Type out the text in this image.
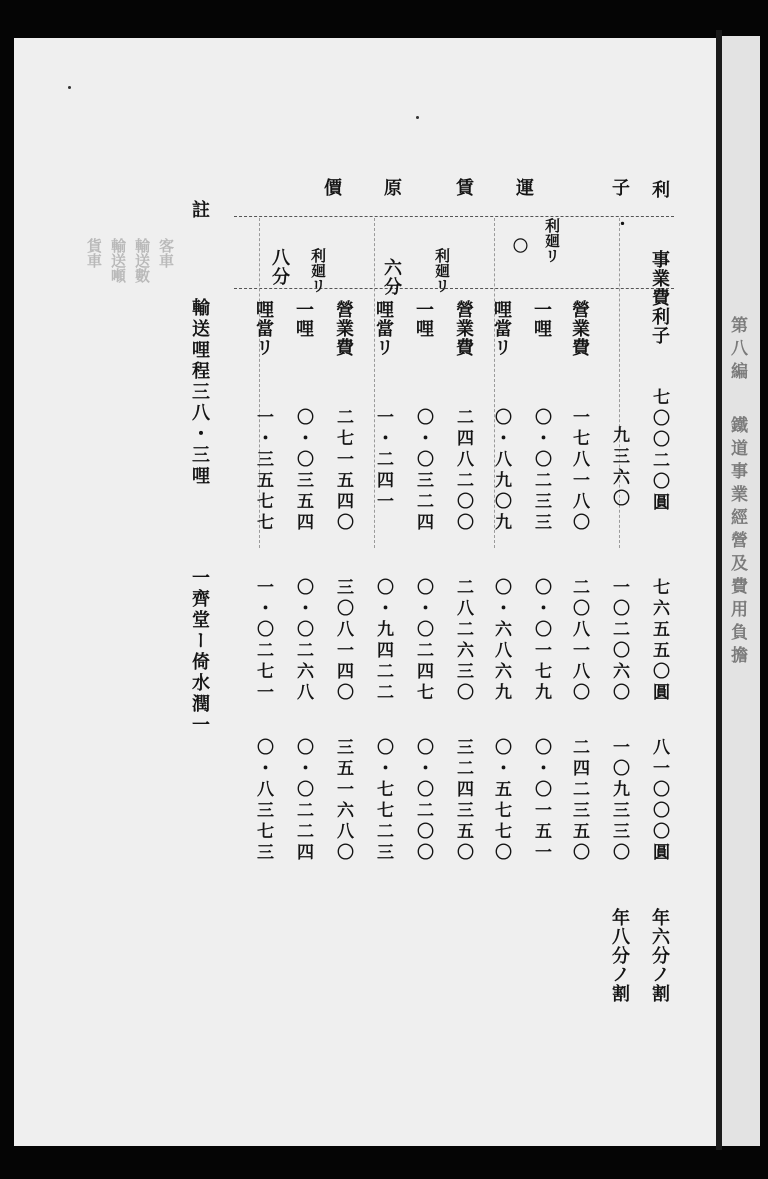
利
子
・
事業費利子
七〇〇二〇圓
七六五五〇圓
八一〇〇〇圓
九三六〇
一〇二〇六〇
一〇九三三〇
年六分ノ割
年八分ノ割
運
利廻リ
〇
營業費
一七八一八〇
二〇八一八〇
二四二三五〇
一哩
〇・〇二三三
〇・〇一七九
〇・〇一五一
哩當リ
〇・八九〇九
〇・六八六九
〇・五七七〇
賃
利廻リ
營業費
二四八二〇〇
二八二六三〇
三二四三五〇
一哩
〇・〇三二四
〇・〇二四七
〇・〇二〇〇
哩當リ
一・二四一
〇・九四二二
〇・七七二三
原
六分
價
利廻リ
八分
營業費
二七一五四〇
三〇八一四〇
三五一六八〇
一哩
〇・〇三五四
〇・〇二六八
〇・〇二二四
哩當リ
一・三五七七
一・〇二七一
〇・八三七三
註
輸送哩程三八・三哩
一齊堂ー倚水潤一
輸送噸 輸送數 客車
貨車
第八編
鐵道事業經營及費用負擔
